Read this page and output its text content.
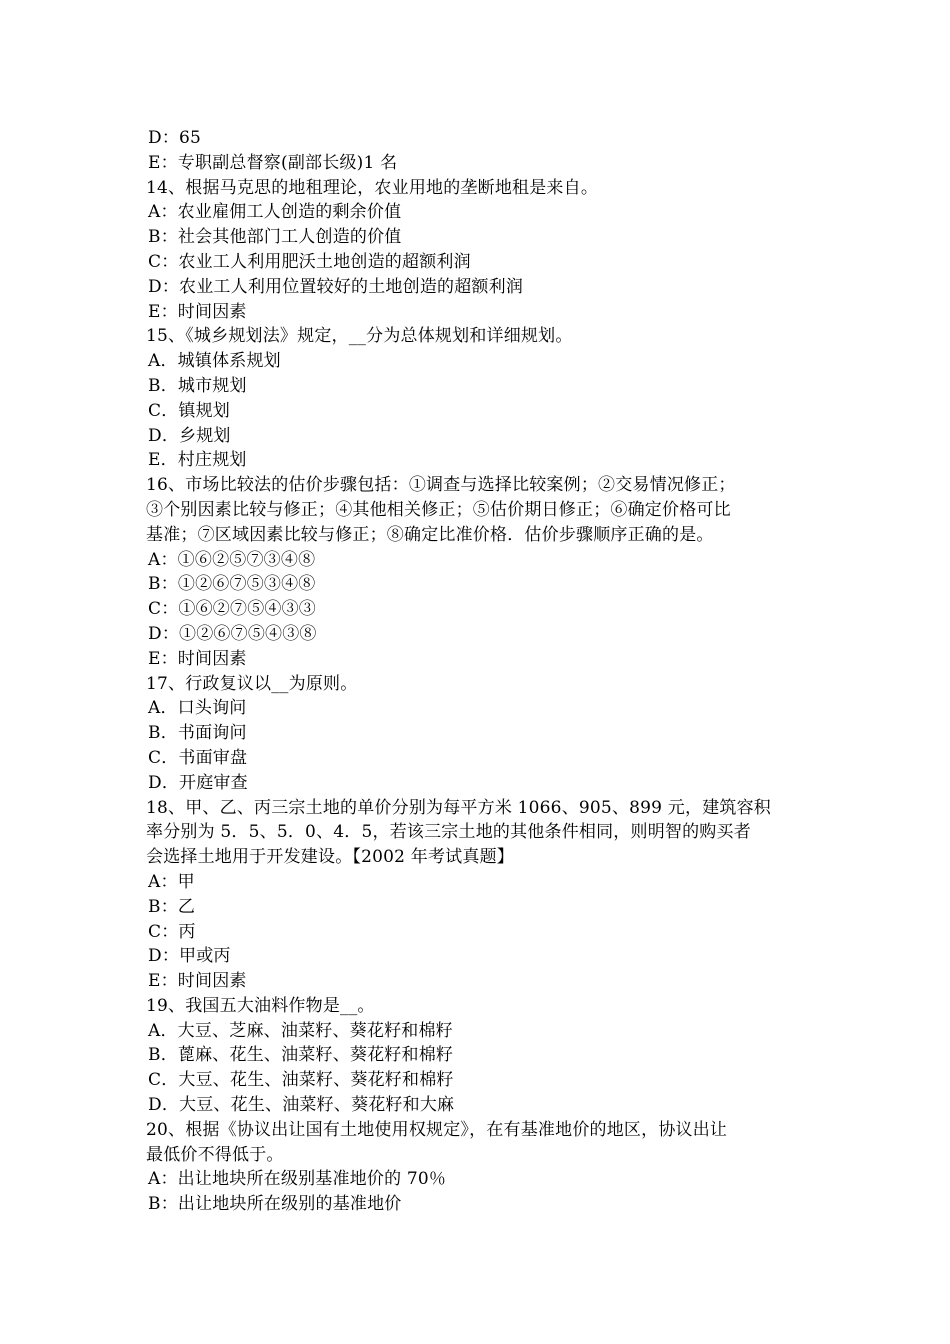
D：65
E：专职副总督察(副部长级)1 名
14、根据马克思的地租理论，农业用地的垄断地租是来自。
A：农业雇佣工人创造的剩余价值
B：社会其他部门工人创造的价值
C：农业工人利用肥沃土地创造的超额利润
D：农业工人利用位置较好的土地创造的超额利润
E：时间因素
15、《城乡规划法》规定，__分为总体规划和详细规划。
A．城镇体系规划
B．城市规划
C．镇规划
D．乡规划
E．村庄规划
16、市场比较法的估价步骤包括：①调查与选择比较案例；②交易情况修正；
③个别因素比较与修正；④其他相关修正；⑤估价期日修正；⑥确定价格可比
基准；⑦区域因素比较与修正；⑧确定比准价格．估价步骤顺序正确的是。
A：①⑥②⑤⑦③④⑧
B：①②⑥⑦⑤③④⑧
C：①⑥②⑦⑤④③③
D：①②⑥⑦⑤④③⑧
E：时间因素
17、行政复议以__为原则。
A．口头询问
B．书面询问
C．书面审盘
D．开庭审查
18、甲、乙、丙三宗土地的单价分别为每平方米 1066、905、899 元，建筑容积
率分别为 5．5、5．0、4．5，若该三宗土地的其他条件相同，则明智的购买者
会选择土地用于开发建设。【2002 年考试真题】
A：甲
B：乙
C：丙
D：甲或丙
E：时间因素
19、我国五大油料作物是__。
A．大豆、芝麻、油菜籽、葵花籽和棉籽
B．蓖麻、花生、油菜籽、葵花籽和棉籽
C．大豆、花生、油菜籽、葵花籽和棉籽
D．大豆、花生、油菜籽、葵花籽和大麻
20、根据《协议出让国有土地使用权规定》，在有基准地价的地区，协议出让
最低价不得低于。
A：出让地块所在级别基准地价的 70％
B：出让地块所在级别的基准地价
